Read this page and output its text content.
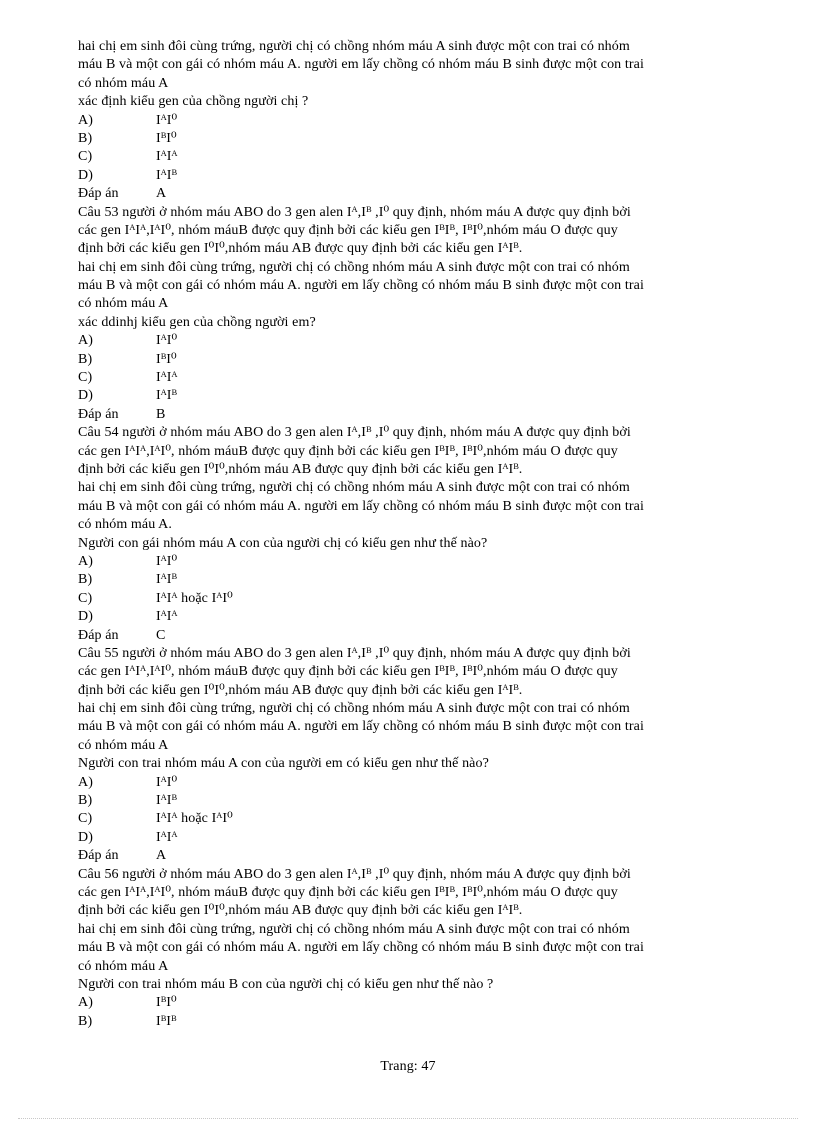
hai chị em sinh đôi cùng trứng, người chị có chồng nhóm máu A sinh được một con trai có nhóm
máu B và một con gái có nhóm máu A. người em lấy chồng có nhóm máu B sinh được một con trai
có nhóm máu A
xác định kiểu gen của chồng người chị ?
A)	IᴬI⁰
B)	IᴮI⁰
C)	IᴬIᴬ
D)	IᴬIᴮ
Đáp án	A
Câu 53 người ở nhóm máu ABO do 3 gen alen Iᴬ,Iᴮ ,I⁰ quy định, nhóm máu A được quy định bởi
các gen IᴬIᴬ,IᴬI⁰, nhóm máuB được quy định bởi các kiểu gen IᴮIᴮ, IᴮI⁰,nhóm máu O được quy
định bởi các kiểu gen I⁰I⁰,nhóm máu AB được quy định bởi các kiểu gen IᴬIᴮ.
hai chị em sinh đôi cùng trứng, người chị có chồng nhóm máu A sinh được một con trai có nhóm
máu B và một con gái có nhóm máu A. người em lấy chồng có nhóm máu B sinh được một con trai
có nhóm máu A
xác ddinhj kiểu gen của chồng người em?
A)	IᴬI⁰
B)	IᴮI⁰
C)	IᴬIᴬ
D)	IᴬIᴮ
Đáp án	B
Câu 54 người ở nhóm máu ABO do 3 gen alen Iᴬ,Iᴮ ,I⁰ quy định, nhóm máu A được quy định bởi
các gen IᴬIᴬ,IᴬI⁰, nhóm máuB được quy định bởi các kiểu gen IᴮIᴮ, IᴮI⁰,nhóm máu O được quy
định bởi các kiểu gen I⁰I⁰,nhóm máu AB được quy định bởi các kiểu gen IᴬIᴮ.
hai chị em sinh đôi cùng trứng, người chị có chồng nhóm máu A sinh được một con trai có nhóm
máu B và một con gái có nhóm máu A. người em lấy chồng có nhóm máu B sinh được một con trai
có nhóm máu A.
Người con gái nhóm máu A con của người chị có kiểu gen như thế nào?
A)	IᴬI⁰
B)	IᴬIᴮ
C)	IᴬIᴬ hoặc IᴬI⁰
D)	IᴬIᴬ
Đáp án	C
Câu 55 người ở nhóm máu ABO do 3 gen alen Iᴬ,Iᴮ ,I⁰ quy định, nhóm máu A được quy định bởi
các gen IᴬIᴬ,IᴬI⁰, nhóm máuB được quy định bởi các kiểu gen IᴮIᴮ, IᴮI⁰,nhóm máu O được quy
định bởi các kiểu gen I⁰I⁰,nhóm máu AB được quy định bởi các kiểu gen IᴬIᴮ.
hai chị em sinh đôi cùng trứng, người chị có chồng nhóm máu A sinh được một con trai có nhóm
máu B và một con gái có nhóm máu A. người em lấy chồng có nhóm máu B sinh được một con trai
có nhóm máu A
Người con trai nhóm máu A con của người em có kiểu gen như thế nào?
A)	IᴬI⁰
B)	IᴬIᴮ
C)	IᴬIᴬ hoặc IᴬI⁰
D)	IᴬIᴬ
Đáp án	A
Câu 56 người ở nhóm máu ABO do 3 gen alen Iᴬ,Iᴮ ,I⁰ quy định, nhóm máu A được quy định bởi
các gen IᴬIᴬ,IᴬI⁰, nhóm máuB được quy định bởi các kiểu gen IᴮIᴮ, IᴮI⁰,nhóm máu O được quy
định bởi các kiểu gen I⁰I⁰,nhóm máu AB được quy định bởi các kiểu gen IᴬIᴮ.
hai chị em sinh đôi cùng trứng, người chị có chồng nhóm máu A sinh được một con trai có nhóm
máu B và một con gái có nhóm máu A. người em lấy chồng có nhóm máu B sinh được một con trai
có nhóm máu A
Người con trai nhóm máu B con của người chị có kiểu gen như thế nào ?
A)	IᴮI⁰
B)	IᴮIᴮ
Trang: 47
